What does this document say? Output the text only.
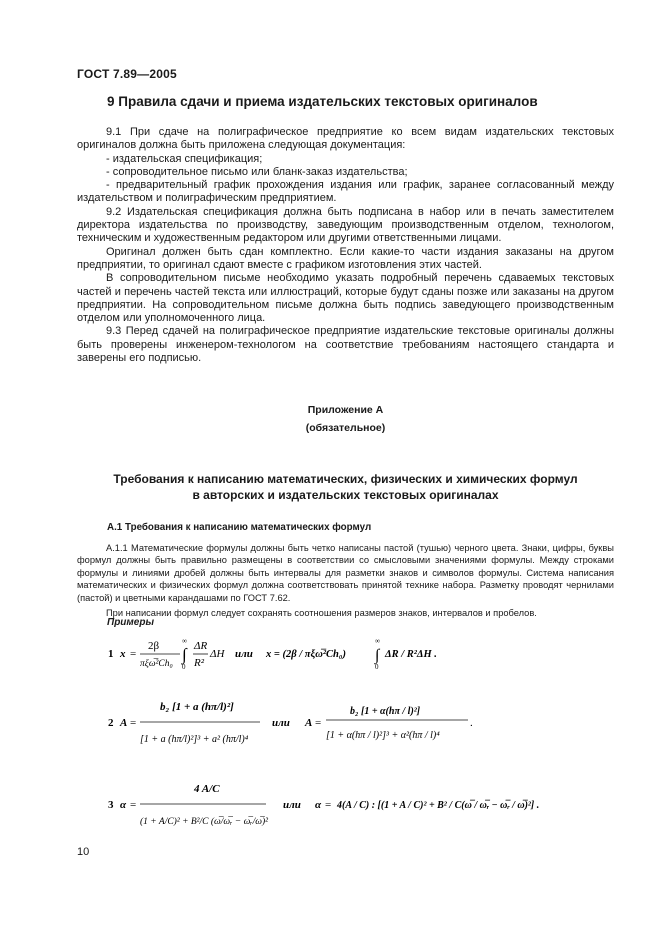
ГОСТ 7.89—2005
9 Правила сдачи и приема издательских текстовых оригиналов

9.1 При сдаче на полиграфическое предприятие ко всем видам издательских текстовых оригиналов должна быть приложена следующая документация:

- издательская спецификация;

- сопроводительное письмо или бланк-заказ издательства;

- предварительный график прохождения издания или график, заранее согласованный между издательством и полиграфическим предприятием.

9.2 Издательская спецификация должна быть подписана в набор или в печать заместителем директора издательства по производству, заведующим производственным отделом, технологом, техническим и художественным редактором или другими ответственными лицами.

Оригинал должен быть сдан комплектно. Если какие-то части издания заказаны на другом предприятии, то оригинал сдают вместе с графиком изготовления этих частей.

В сопроводительном письме необходимо указать подробный перечень сдаваемых текстовых частей и перечень частей текста или иллюстраций, которые будут сданы позже или заказаны на другом предприятии. На сопроводительном письме должна быть подпись заведующего производственным отделом или уполномоченного лица.

9.3 Перед сдачей на полиграфическое предприятие издательские текстовые оригиналы должны быть проверены инженером-технологом на соответствие требованиям настоящего стандарта и заверены его подписью.

Приложение А
(обязательное)
Требования к написанию математических, физических и химических формул
в авторских и издательских текстовых оригиналах
А.1 Требования к написанию математических формул

А.1.1 Математические формулы должны быть четко написаны пастой (тушью) черного цвета. Знаки, цифры, буквы формул должны быть правильно размещены в соответствии со смысловыми значениями формулы. Между строками формулы и линиями дробей должны быть интервалы для разметки знаков и символов формулы. Система написания математических и физических формул должна соответствовать принятой технике набора. Разметку проводят чернилами (пастой) и цветными карандашами по ГОСТ 7.62.

При написании формул следует сохранять соотношения размеров знаков, интервалов и пробелов.

Примеры
1 x =
2β
πξω̅²Ch₀ ∫
∞
0
ΔR
R²
ΔH или x = (2β / πξω̅²Ch₀) ∫
∞
0
ΔR / R²ΔH .
2 A =
b₂ [1 + a (hπ/l)²]
[1 + a (hπ/l)²]³ + a² (hπ/l)⁴
или A =
b₂ [1 + α(hπ / l)²]
[1 + α(hπ / l)²]³ + α²(hπ / l)⁴
.
3 α =
4 A/C
(1 + A/C)² + B²/C (ω̅/ω̅ᵣ − ω̅ᵣ/ω̅)²
или α = 4(A / C) : [(1 + A / C)² + B² / C(ω̅ / ω̅ᵣ − ω̅ᵣ / ω̅)²] .
10
